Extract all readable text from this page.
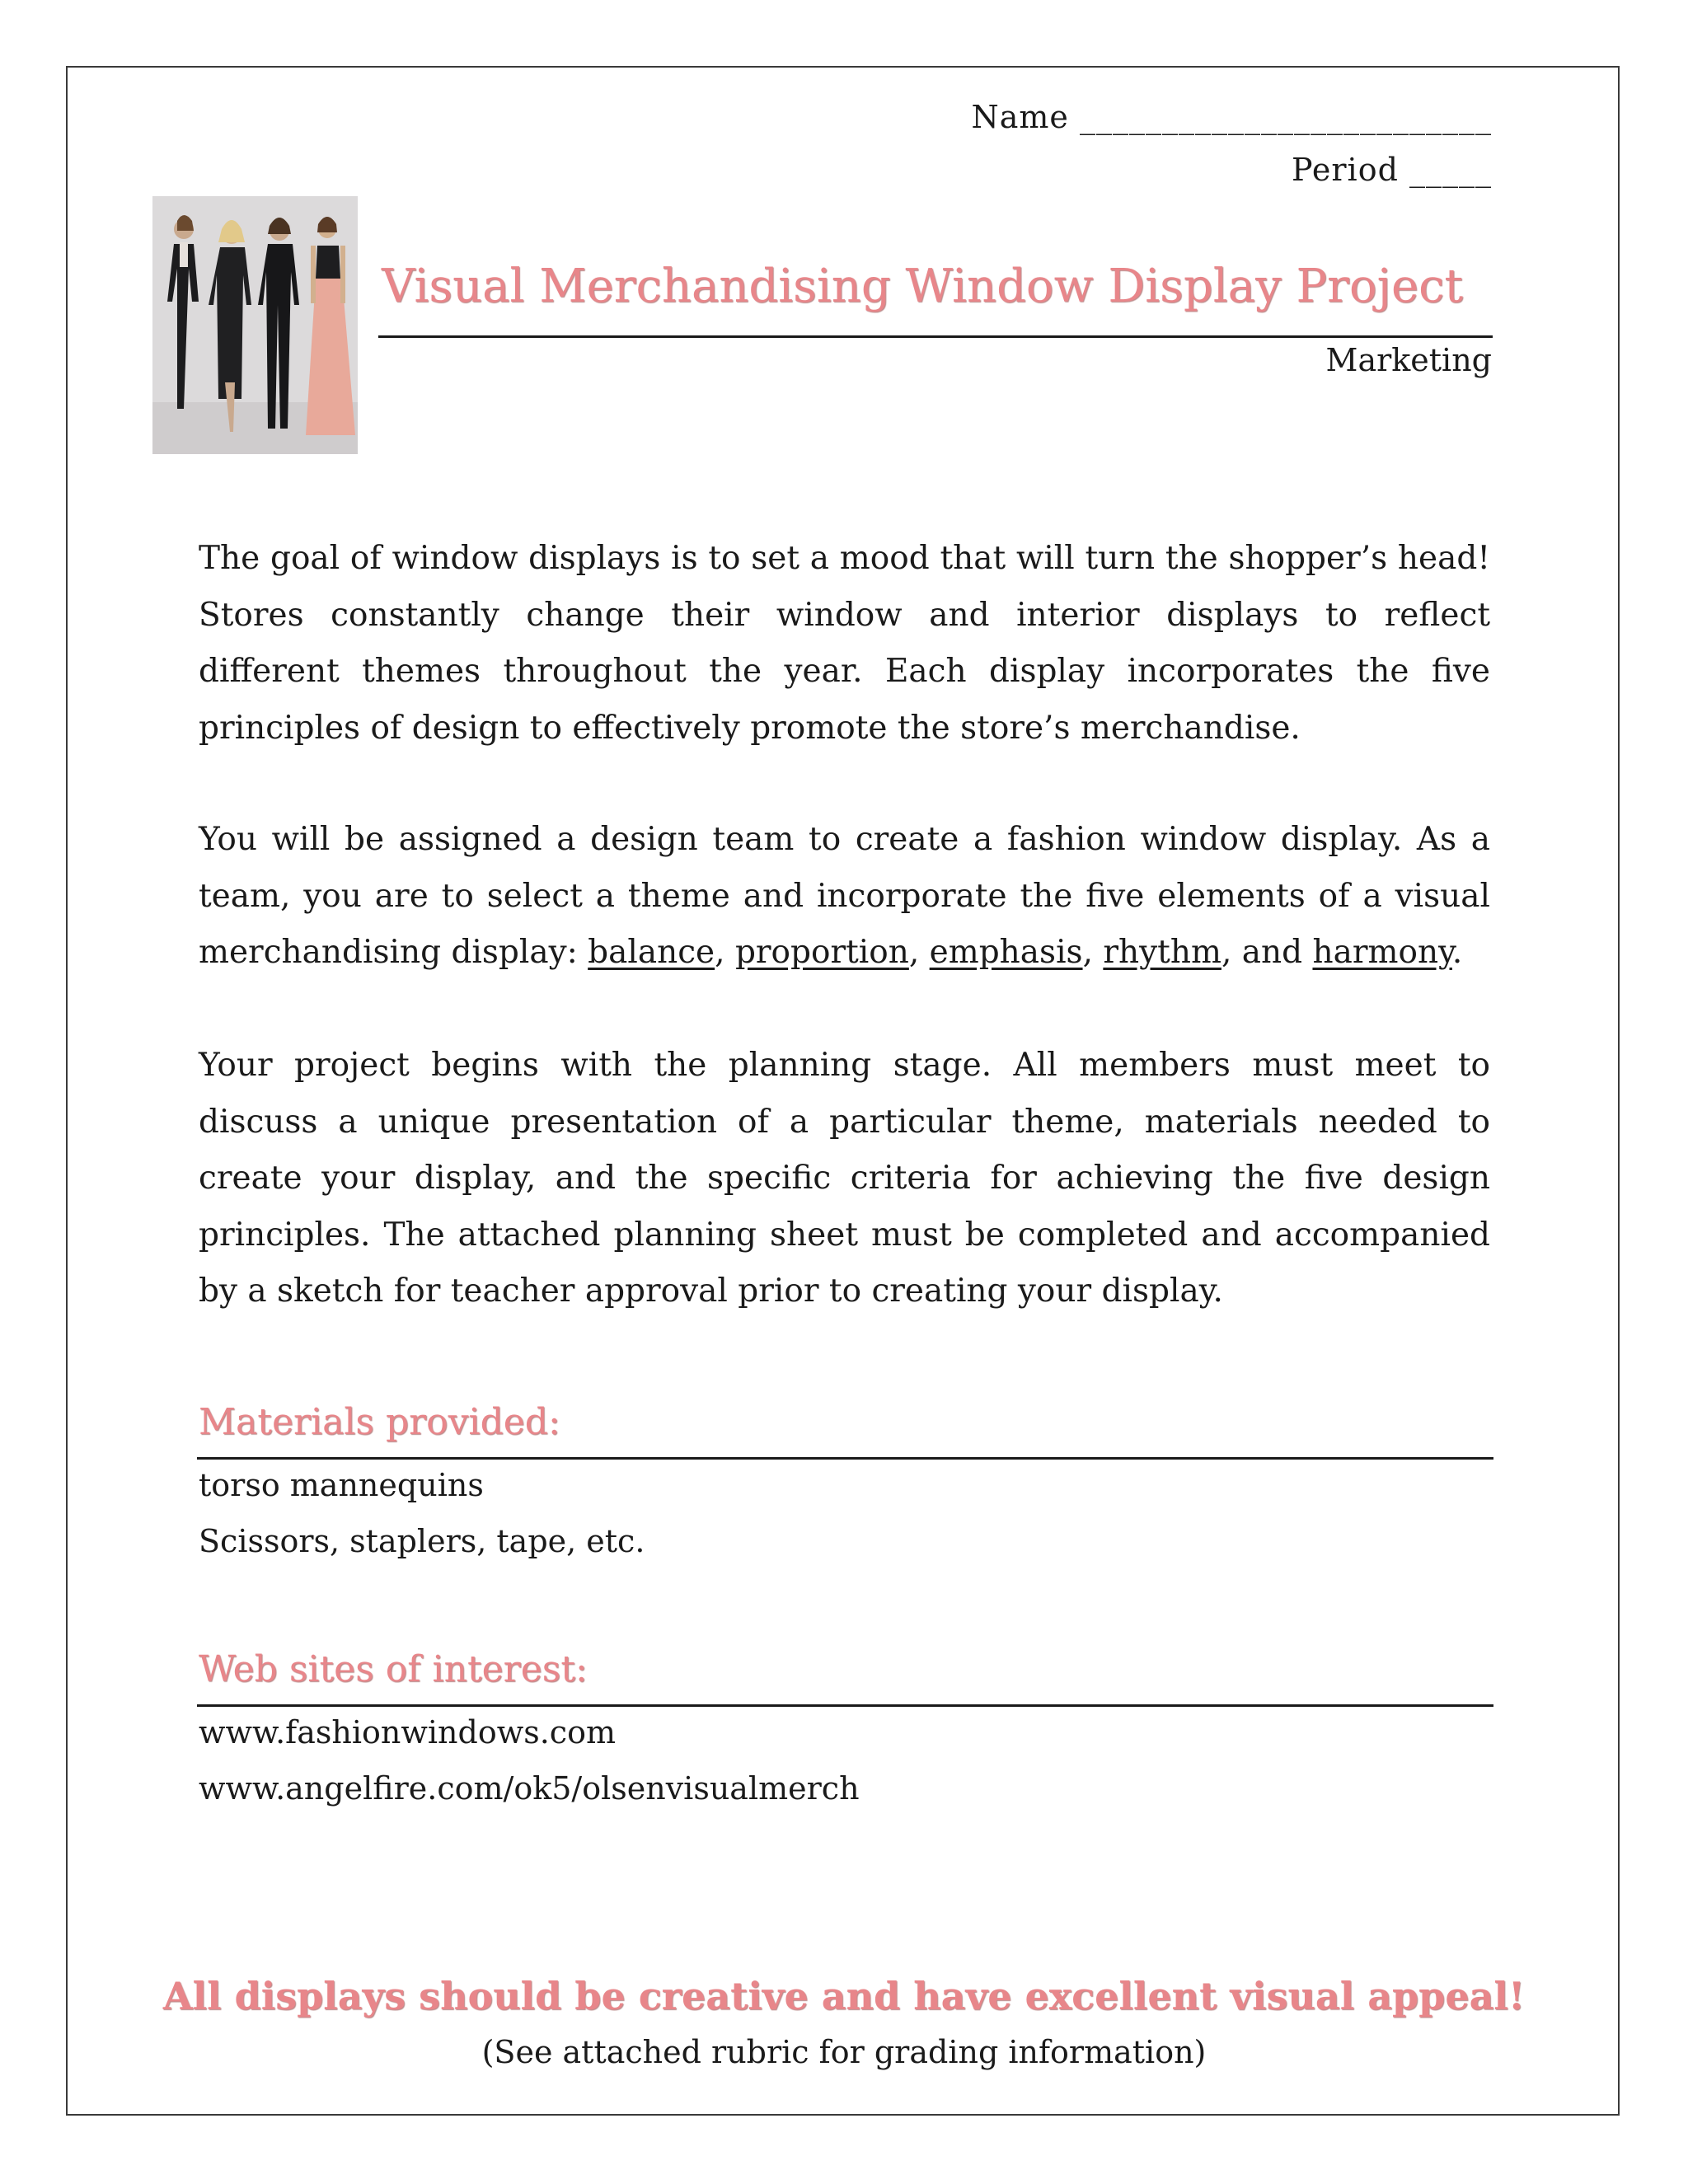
Name _________________________
Period _____
Visual Merchandising Window Display Project
Marketing

The goal of window displays is to set a mood that will turn the shopper’s head! Stores constantly change their window and interior displays to reflect different themes throughout the year. Each display incorporates the five principles of design to effectively promote the store’s merchandise.

You will be assigned a design team to create a fashion window display. As a team, you are to select a theme and incorporate the five elements of a visual merchandising display: balance, proportion, emphasis, rhythm, and harmony.

Your project begins with the planning stage. All members must meet to discuss a unique presentation of a particular theme, materials needed to create your display, and the specific criteria for achieving the five design principles. The attached planning sheet must be completed and accompanied by a sketch for teacher approval prior to creating your display.

Materials provided:
torso mannequins
Scissors, staplers, tape, etc.
Web sites of interest:
www.fashionwindows.com
www.angelfire.com/ok5/olsenvisualmerch
All displays should be creative and have excellent visual appeal!
(See attached rubric for grading information)
